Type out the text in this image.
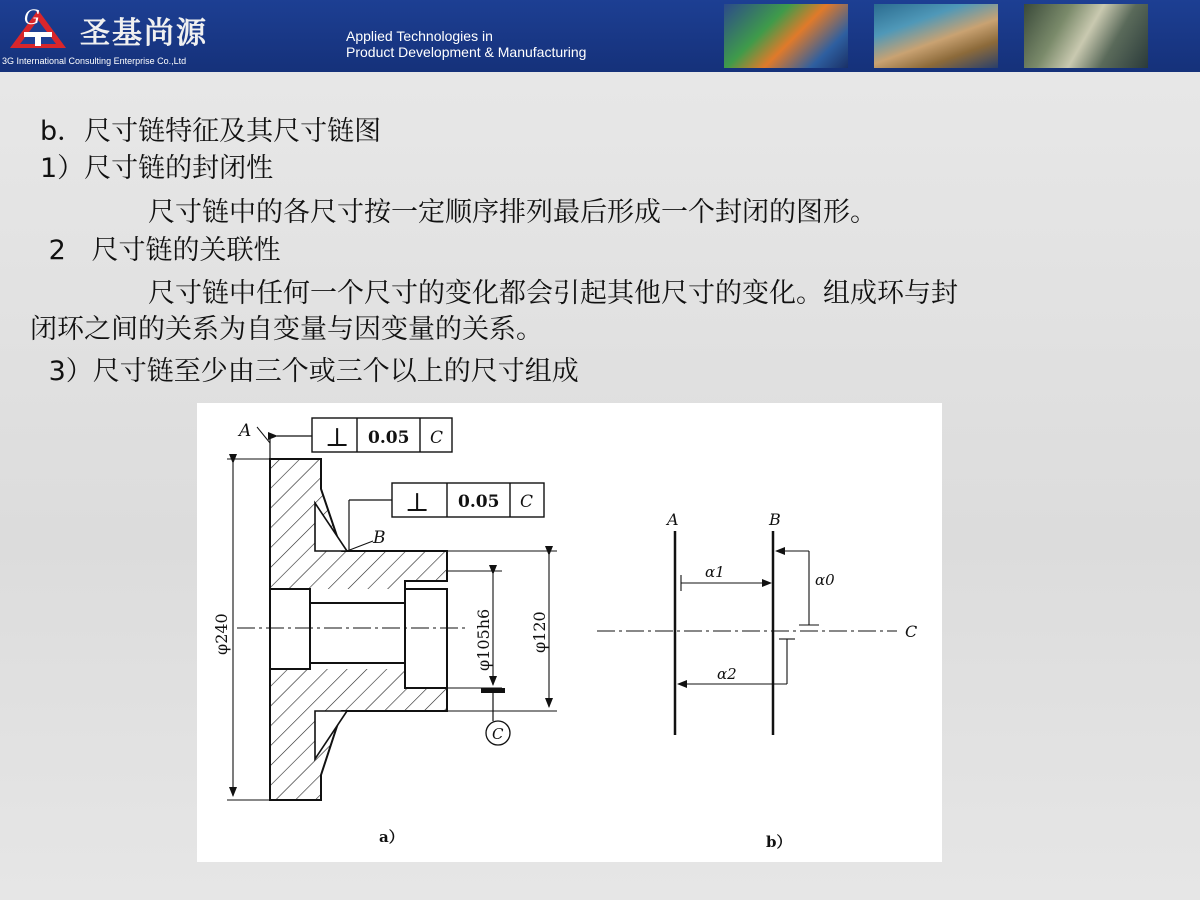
G 圣基尚源
3G International Consulting Enterprise Co.,Ltd
Applied Technologies in
Product Development & Manufacturing
b．尺寸链特征及其尺寸链图
1）尺寸链的封闭性
尺寸链中的各尺寸按一定顺序排列最后形成一个封闭的图形。
2   尺寸链的关联性
尺寸链中任何一个尺寸的变化都会引起其他尺寸的变化。组成环与封
闭环之间的关系为自变量与因变量的关系。
3）尺寸链至少由三个或三个以上的尺寸组成
A	⊥ 0.05 C
⊥ 0.05 C
B
φ240	φ105h6
C
φ120
A	B
C
α1	α0
α2
a）	b）
